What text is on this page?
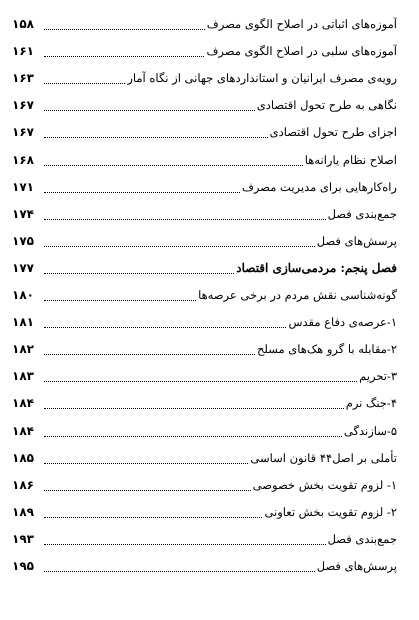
آموزه‌های اثباتی در اصلاح الگوی مصرف
۱۵۸
آموزه‌های سلبی در اصلاح الگوی مصرف
۱۶۱
رویه‌ی مصرف ایرانیان و استانداردهای جهانی از نگاه آمار
۱۶۳
نگاهی به طرح تحول اقتصادی
۱۶۷
اجزای طرح تحول اقتصادی
۱۶۷
اصلاح نظام یارانه‌ها
۱۶۸
راه‌کارهایی برای مدیریت مصرف
۱۷۱
جمع‌بندی فصل
۱۷۴
پرسش‌های فصل
۱۷۵
فصل پنجم: مردمی‌سازی اقتصاد
۱۷۷
گونه‌شناسی نقش مردم در برخی عرصه‌ها
۱۸۰
۱-عرصه‌ی دفاع مقدس
۱۸۱
۲-مقابله با گرو هک‌های مسلح
۱۸۲
۳-تحریم
۱۸۳
۴-جنگ نرم
۱۸۴
۵-سازندگی
۱۸۴
تأملی بر اصل۴۴ قانون اساسی
۱۸۵
۱- لزوم تقویت بخش خصوصی
۱۸۶
۲- لزوم تقویت بخش تعاونی
۱۸۹
جمع‌بندی فصل
۱۹۳
پرسش‌های فصل
۱۹۵
